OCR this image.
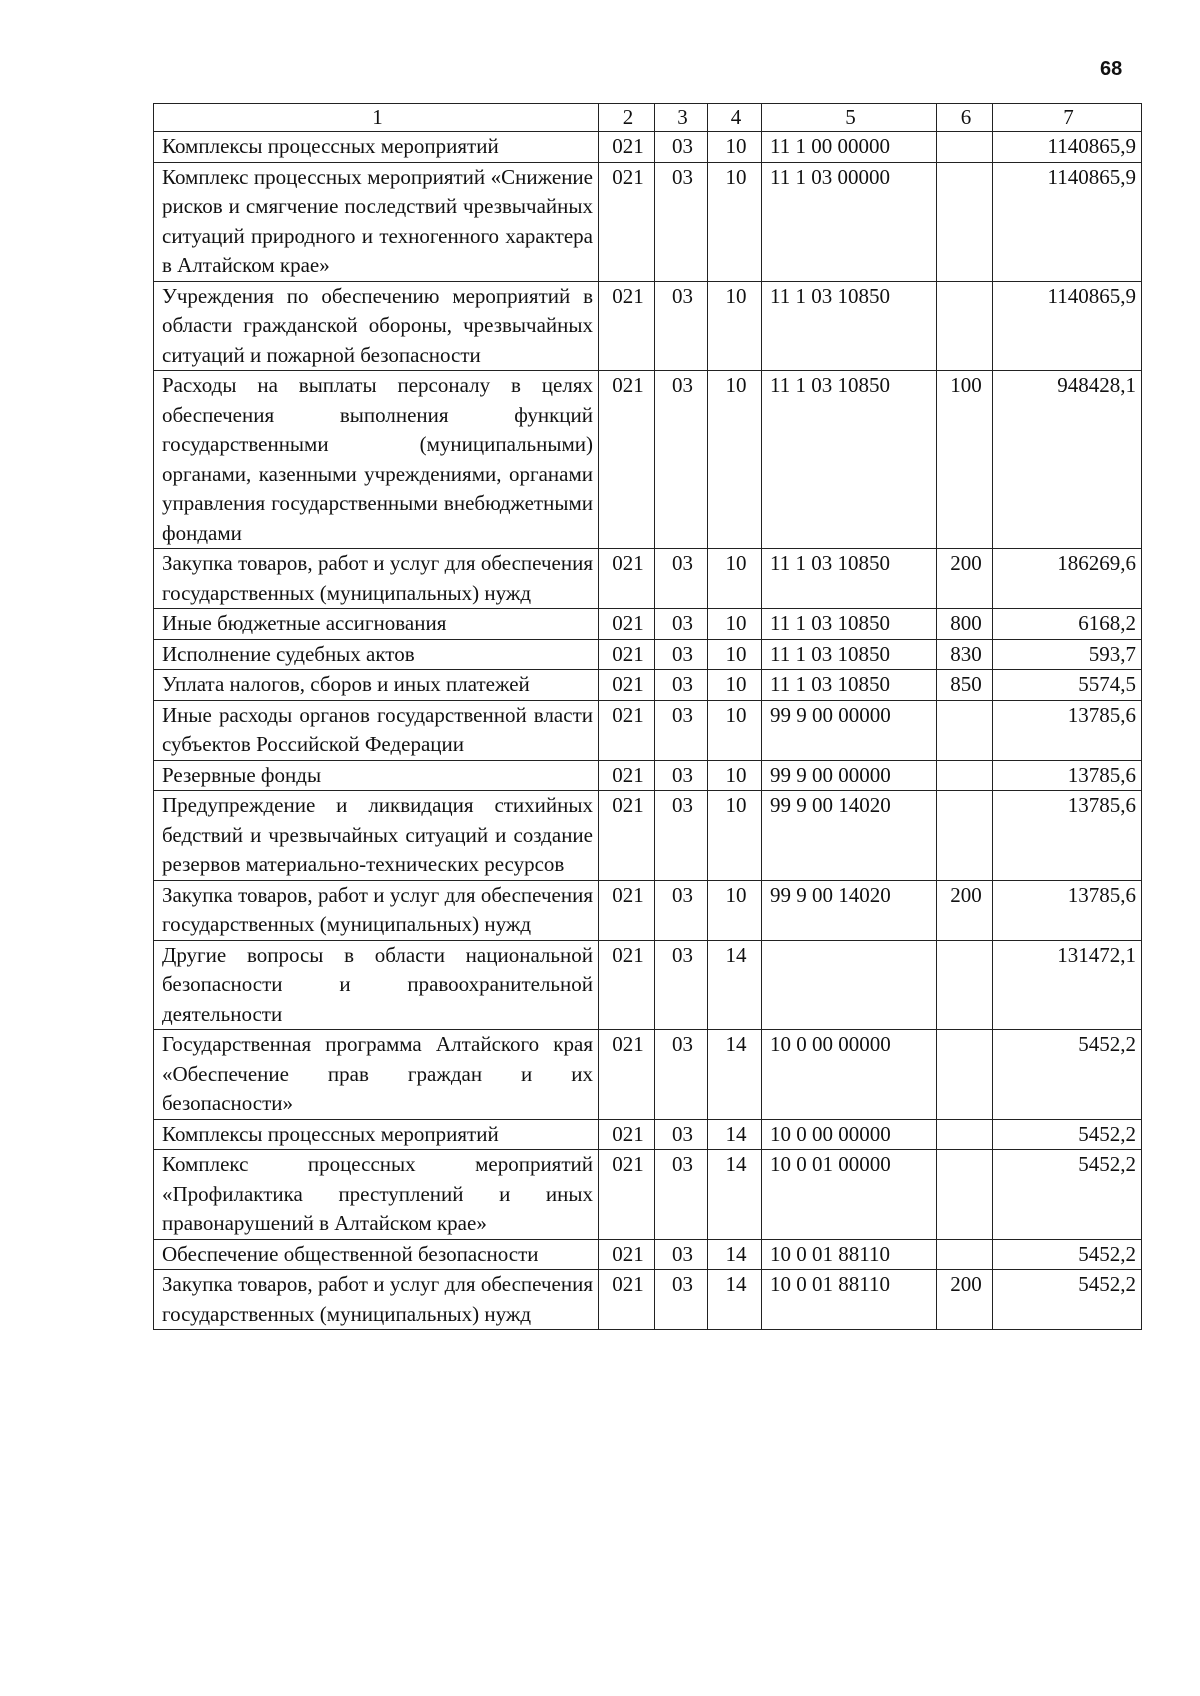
68
1	2	3	4	5	6	7
Комплексы процессных мероприятий	021	03	10	11 1 00 00000		1140865,9
Комплекс процессных мероприятий «Снижение рисков и смягчение последствий чрезвычайных ситуаций природного и техногенного характера в Алтайском крае»	021	03	10	11 1 03 00000		1140865,9
Учреждения по обеспечению мероприятий в области гражданской обороны, чрезвычайных ситуаций и пожарной безопасности	021	03	10	11 1 03 10850		1140865,9
Расходы на выплаты персоналу в целях обеспечения выполнения функций государственными (муниципальными) органами, казенными учреждениями, органами управления государственными внебюджетными фондами	021	03	10	11 1 03 10850	100	948428,1
Закупка товаров, работ и услуг для обеспечения государственных (муниципальных) нужд	021	03	10	11 1 03 10850	200	186269,6
Иные бюджетные ассигнования	021	03	10	11 1 03 10850	800	6168,2
Исполнение судебных актов	021	03	10	11 1 03 10850	830	593,7
Уплата налогов, сборов и иных платежей	021	03	10	11 1 03 10850	850	5574,5
Иные расходы органов государственной власти субъектов Российской Федерации	021	03	10	99 9 00 00000		13785,6
Резервные фонды	021	03	10	99 9 00 00000		13785,6
Предупреждение и ликвидация стихийных бедствий и чрезвычайных ситуаций и создание резервов материально-технических ресурсов	021	03	10	99 9 00 14020		13785,6
Закупка товаров, работ и услуг для обеспечения государственных (муниципальных) нужд	021	03	10	99 9 00 14020	200	13785,6
Другие вопросы в области национальной безопасности и правоохранительной деятельности	021	03	14			131472,1
Государственная программа Алтайского края «Обеспечение прав граждан и их безопасности»	021	03	14	10 0 00 00000		5452,2
Комплексы процессных мероприятий	021	03	14	10 0 00 00000		5452,2
Комплекс процессных мероприятий «Профилактика преступлений и иных правонарушений в Алтайском крае»	021	03	14	10 0 01 00000		5452,2
Обеспечение общественной безопасности	021	03	14	10 0 01 88110		5452,2
Закупка товаров, работ и услуг для обеспечения государственных (муниципальных) нужд	021	03	14	10 0 01 88110	200	5452,2
